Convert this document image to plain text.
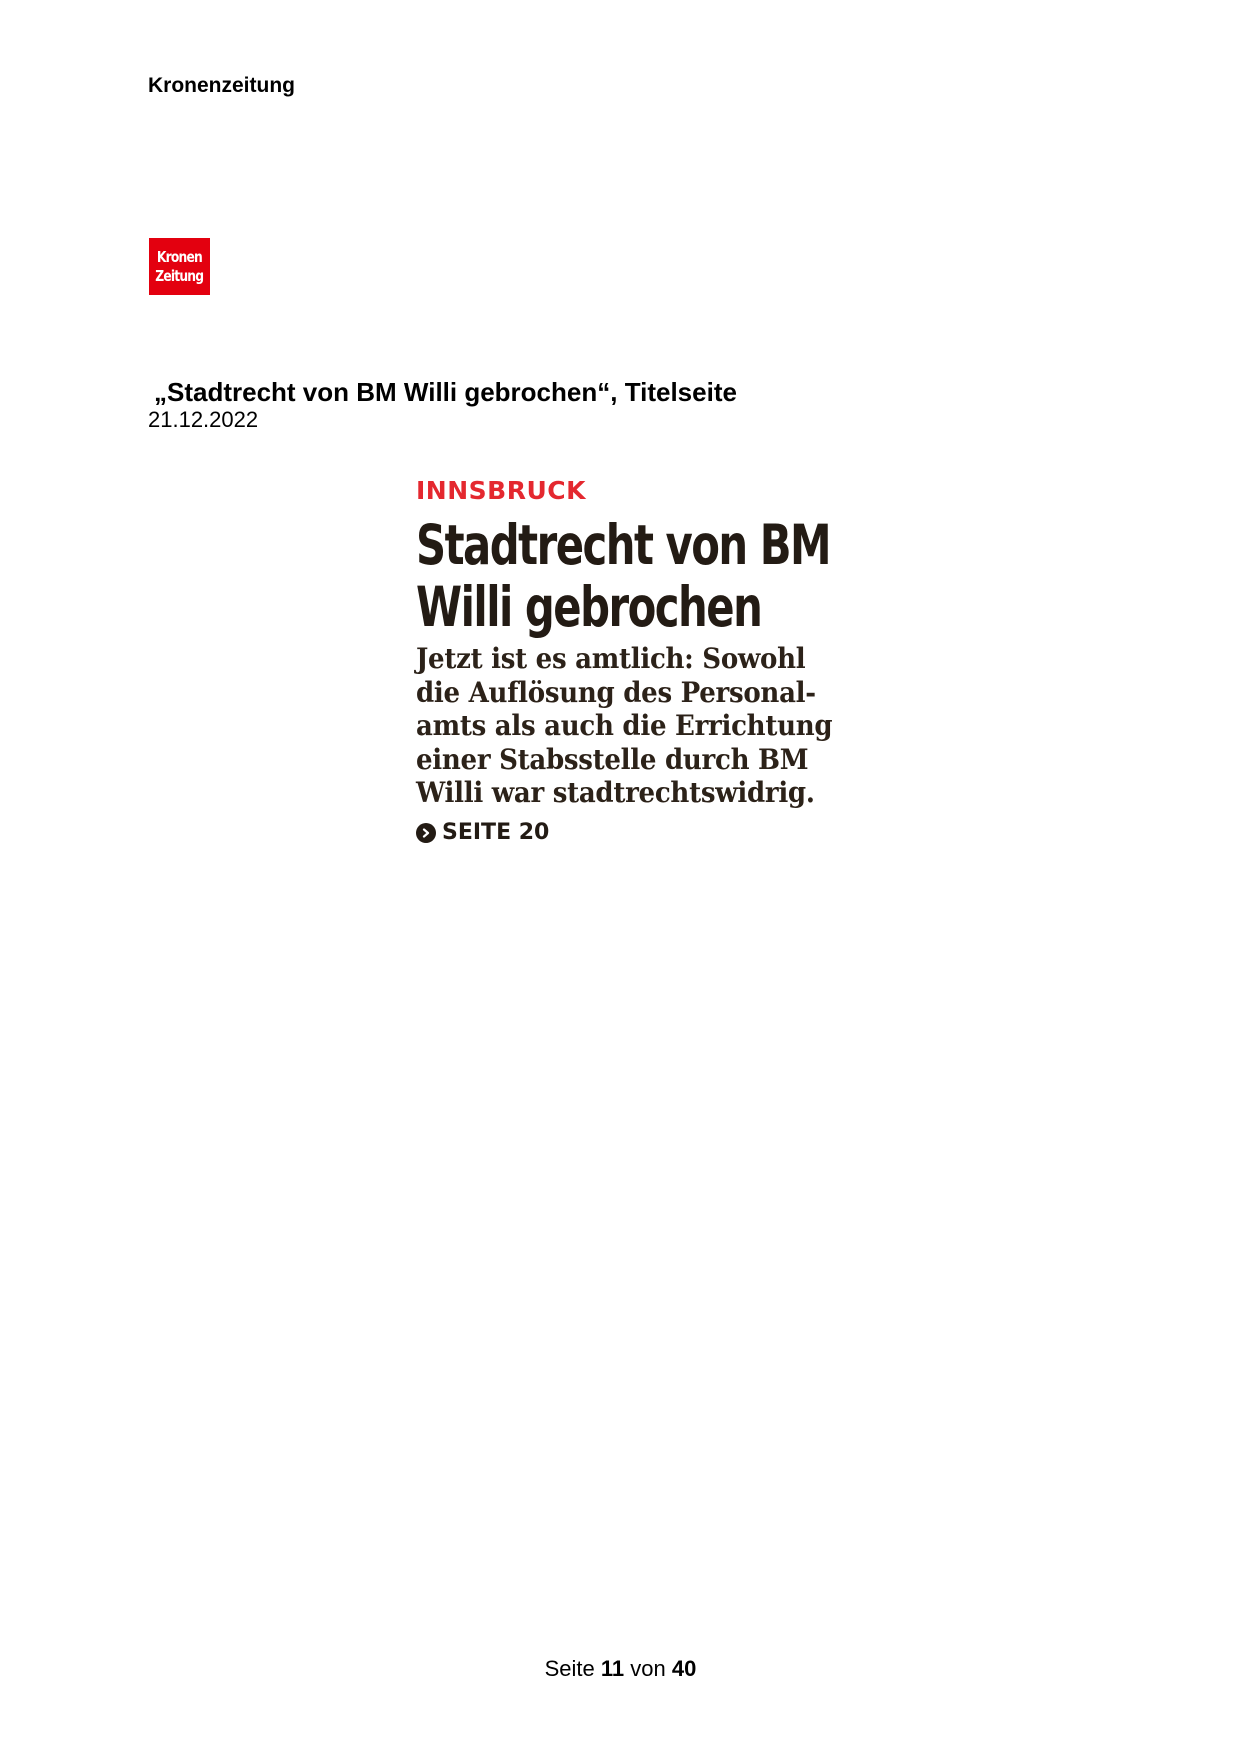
Kronenzeitung
Kronen
Zeitung
„Stadtrecht von BM Willi gebrochen“, Titelseite
21.12.2022
INNSBRUCK
Stadtrecht von BM
Willi gebrochen
Jetzt ist es amtlich: Sowohl
die Auflösung des Personal-
amts als auch die Errichtung
einer Stabsstelle durch BM
Willi war stadtrechtswidrig.
SEITE 20
Seite 11 von 40
